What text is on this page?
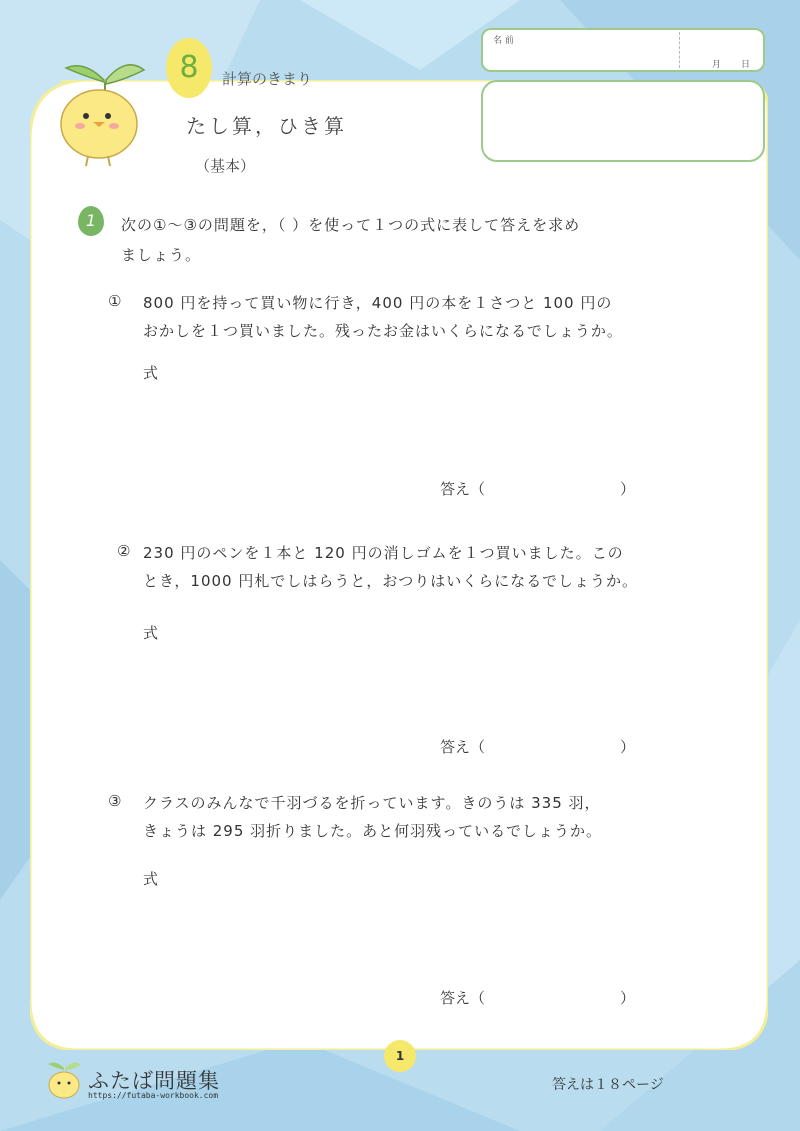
8	計算のきまり
たし算，ひき算
（基本）
名 前
月 日
1	次の①〜③の問題を，（ ）を使って１つの式に表して答えを求め
ましょう。
① 800 円を持って買い物に行き，400 円の本を１さつと 100 円の
おかしを１つ買いました。残ったお金はいくらになるでしょうか。
式
答え（　　　　　　　　　）
② 230 円のペンを１本と 120 円の消しゴムを１つ買いました。この
とき，1000 円札でしはらうと，おつりはいくらになるでしょうか。
式
答え（　　　　　　　　　）
③ クラスのみんなで千羽づるを折っています。きのうは 335 羽，
きょうは 295 羽折りました。あと何羽残っているでしょうか。
式
答え（　　　　　　　　　）
1
ふたば問題集
https://futaba-workbook.com
答えは１８ページ
